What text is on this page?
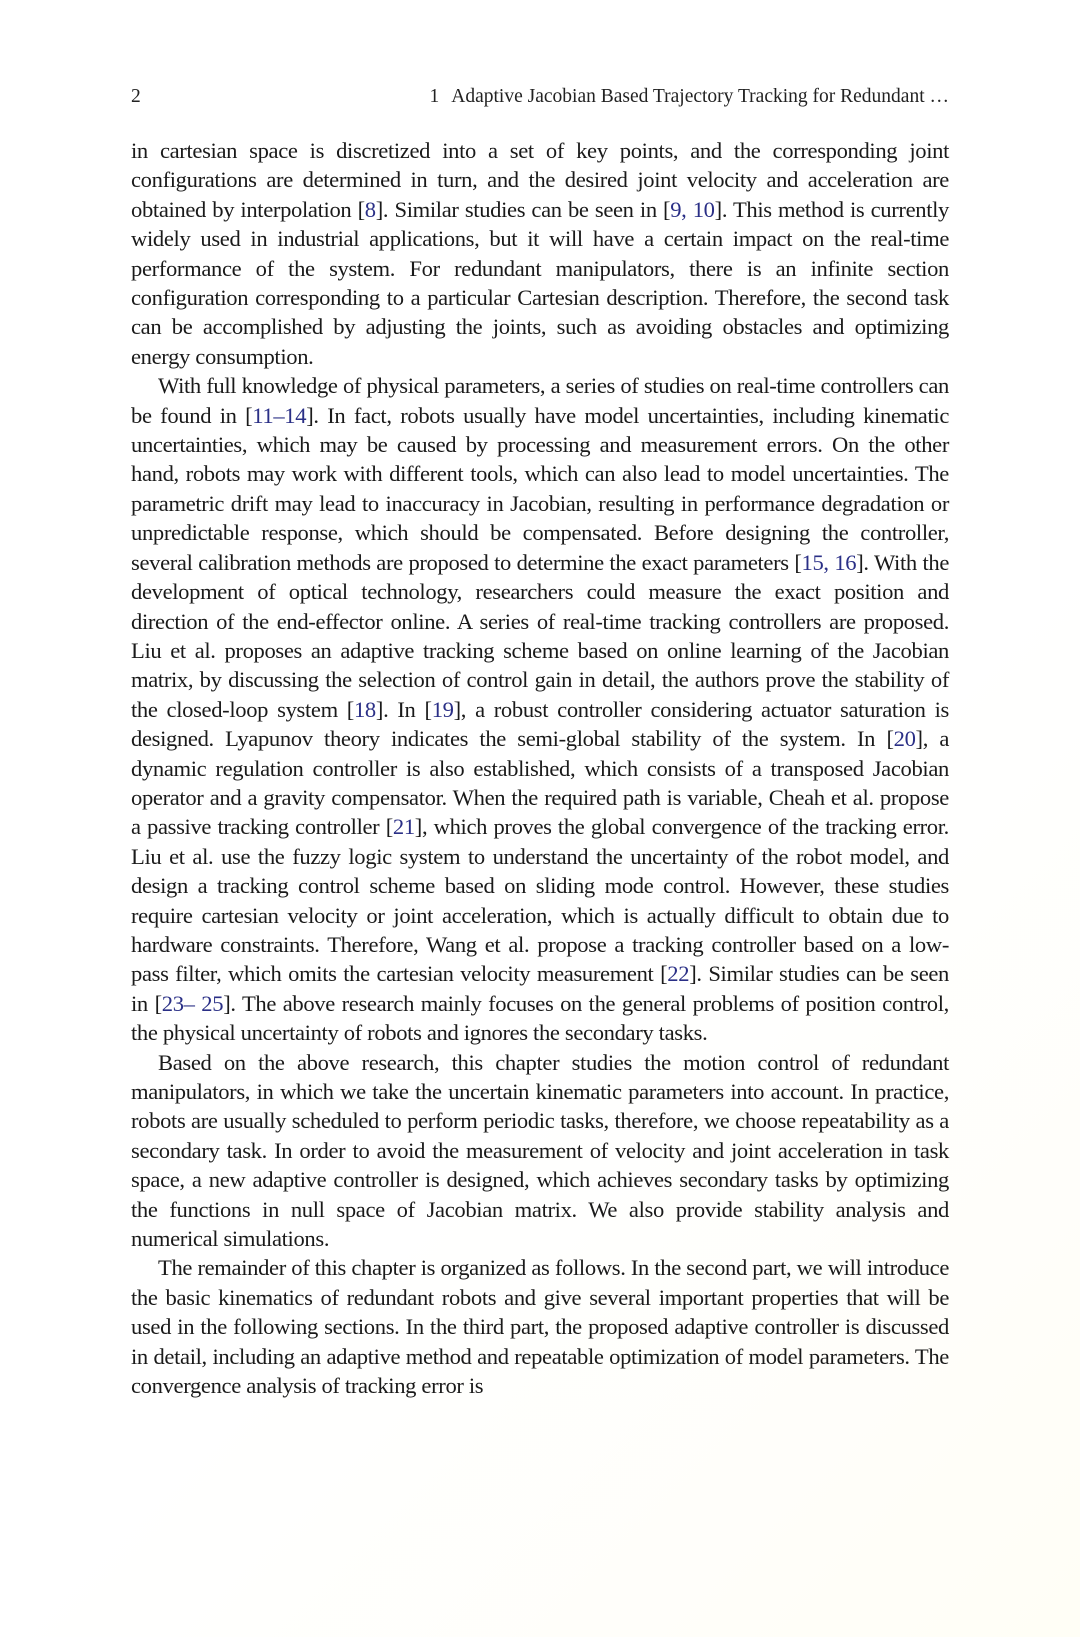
2	1 Adaptive Jacobian Based Trajectory Tracking for Redundant …

in cartesian space is discretized into a set of key points, and the corresponding joint configurations are determined in turn, and the desired joint velocity and acceleration are obtained by interpolation [8]. Similar studies can be seen in [9, 10]. This method is currently widely used in industrial applications, but it will have a certain impact on the real-time performance of the system. For redundant manipulators, there is an infinite section configuration corresponding to a particular Cartesian description. Therefore, the second task can be accomplished by adjusting the joints, such as avoiding obstacles and optimizing energy consumption.

With full knowledge of physical parameters, a series of studies on real-time controllers can be found in [11–14]. In fact, robots usually have model uncertainties, including kinematic uncertainties, which may be caused by processing and measurement errors. On the other hand, robots may work with different tools, which can also lead to model uncertainties. The parametric drift may lead to inaccuracy in Jacobian, resulting in performance degradation or unpredictable response, which should be compensated. Before designing the controller, several calibration methods are proposed to determine the exact parameters [15, 16]. With the development of optical technology, researchers could measure the exact position and direction of the end-effector online. A series of real-time tracking controllers are proposed. Liu et al. proposes an adaptive tracking scheme based on online learning of the Jacobian matrix, by discussing the selection of control gain in detail, the authors prove the stability of the closed-loop system [18]. In [19], a robust controller considering actuator saturation is designed. Lyapunov theory indicates the semi-global stability of the system. In [20], a dynamic regulation controller is also established, which consists of a transposed Jacobian operator and a gravity compensator. When the required path is variable, Cheah et al. propose a passive tracking controller [21], which proves the global convergence of the tracking error. Liu et al. use the fuzzy logic system to understand the uncertainty of the robot model, and design a tracking control scheme based on sliding mode control. However, these studies require cartesian velocity or joint acceleration, which is actually difficult to obtain due to hardware constraints. Therefore, Wang et al. propose a tracking controller based on a low-pass filter, which omits the cartesian velocity measurement [22]. Similar studies can be seen in [23– 25]. The above research mainly focuses on the general problems of position control, the physical uncertainty of robots and ignores the secondary tasks.

Based on the above research, this chapter studies the motion control of redundant manipulators, in which we take the uncertain kinematic parameters into account. In practice, robots are usually scheduled to perform periodic tasks, therefore, we choose repeatability as a secondary task. In order to avoid the measurement of velocity and joint acceleration in task space, a new adaptive controller is designed, which achieves secondary tasks by optimizing the functions in null space of Jacobian matrix. We also provide stability analysis and numerical simulations.

The remainder of this chapter is organized as follows. In the second part, we will introduce the basic kinematics of redundant robots and give several important properties that will be used in the following sections. In the third part, the proposed adaptive controller is discussed in detail, including an adaptive method and repeatable optimization of model parameters. The convergence analysis of tracking error is
